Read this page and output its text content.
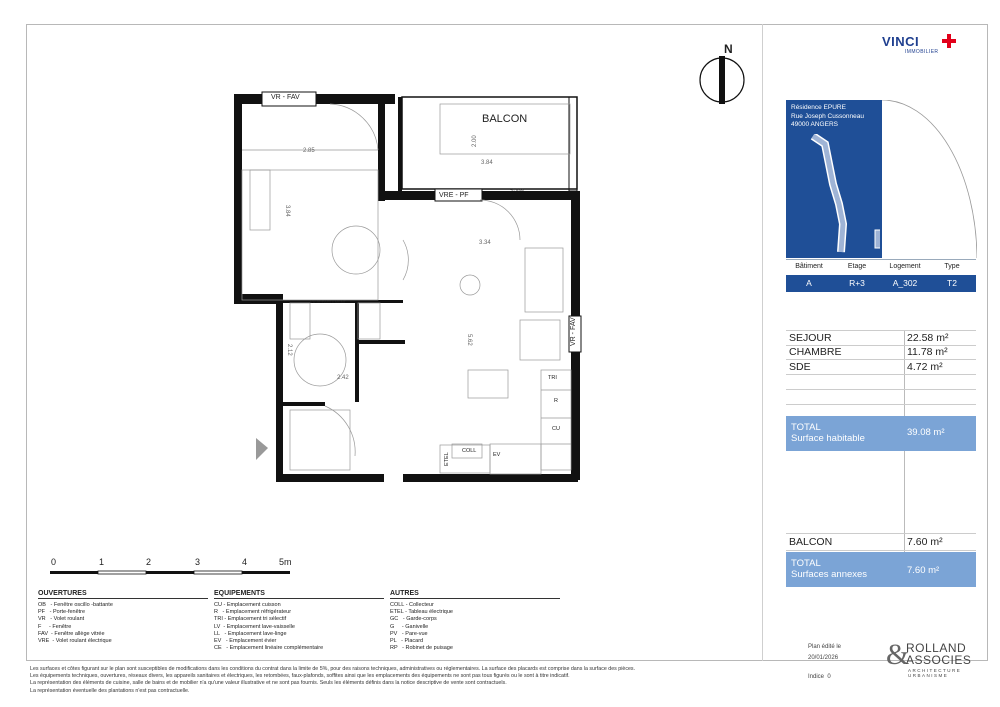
BALCON
VR - FAV
VRE - PF
+/- 0.00
VR - FAV
VU APPARTEMENT
TRI
R
CU
COLL
ETEL	EV
2.85
3.84
2.00
3.84
3.34
5.62
2.12
2.42
N
0	1	2	3	4	5m
VINCI
IMMOBILIER
Résidence EPURE
Rue Joseph Cussonneau
49000 ANGERS
Bâtiment	Etage	Logement	Type
A	R+3	A_302	T2
SEJOUR	22.58 m²
CHAMBRE	11.78 m²
SDE	4.72 m²
TOTAL
Surface habitable
39.08 m²
BALCON	7.60 m²
TOTAL
Surfaces annexes	7.60 m²
OUVERTURES
OB   - Fenêtre oscillo -battante
PF   - Porte-fenêtre
VR   - Volet roulant
F     - Fenêtre
FAV  - Fenêtre allège vitrée
VRE  - Volet roulant électrique
EQUIPEMENTS
CU - Emplacement cuisson
R   - Emplacement réfrigérateur
TRI - Emplacement tri sélectif
LV  - Emplacement lave-vaisselle
LL   - Emplacement lave-linge
EV   - Emplacement évier
CE   - Emplacement linéaire complémentaire
AUTRES
COLL - Collecteur
ETEL - Tableau électrique
GC   - Garde-corps
G     - Ganivelle
PV   - Pare-vue
PL   - Placard
RP   - Robinet de puisage
Les surfaces et côtes figurant sur le plan sont susceptibles de modifications dans les conditions du contrat dans la limite de 5%, pour des raisons techniques, administratives ou réglementaires. La surface des placards est comprise dans la surface des pièces.
Les équipements techniques, ouvertures, réseaux divers, les appareils sanitaires et électriques, les retombées, faux-plafonds, soffites ainsi que les emplacements des équipements ne sont pas tous figurés ou le sont à titre indicatif.
La représentation des éléments de cuisine, salle de bains et de mobilier n'a qu'une valeur illustrative et ne sont pas fournis. Seuls les éléments définis dans la notice descriptive de vente sont contractuels.
La représentation éventuelle des plantations n'est pas contractuelle.
Plan édité le
20/01/2026
Indice 0
&
ROLLAND
ASSOCIES
ARCHITECTURE URBANISME
